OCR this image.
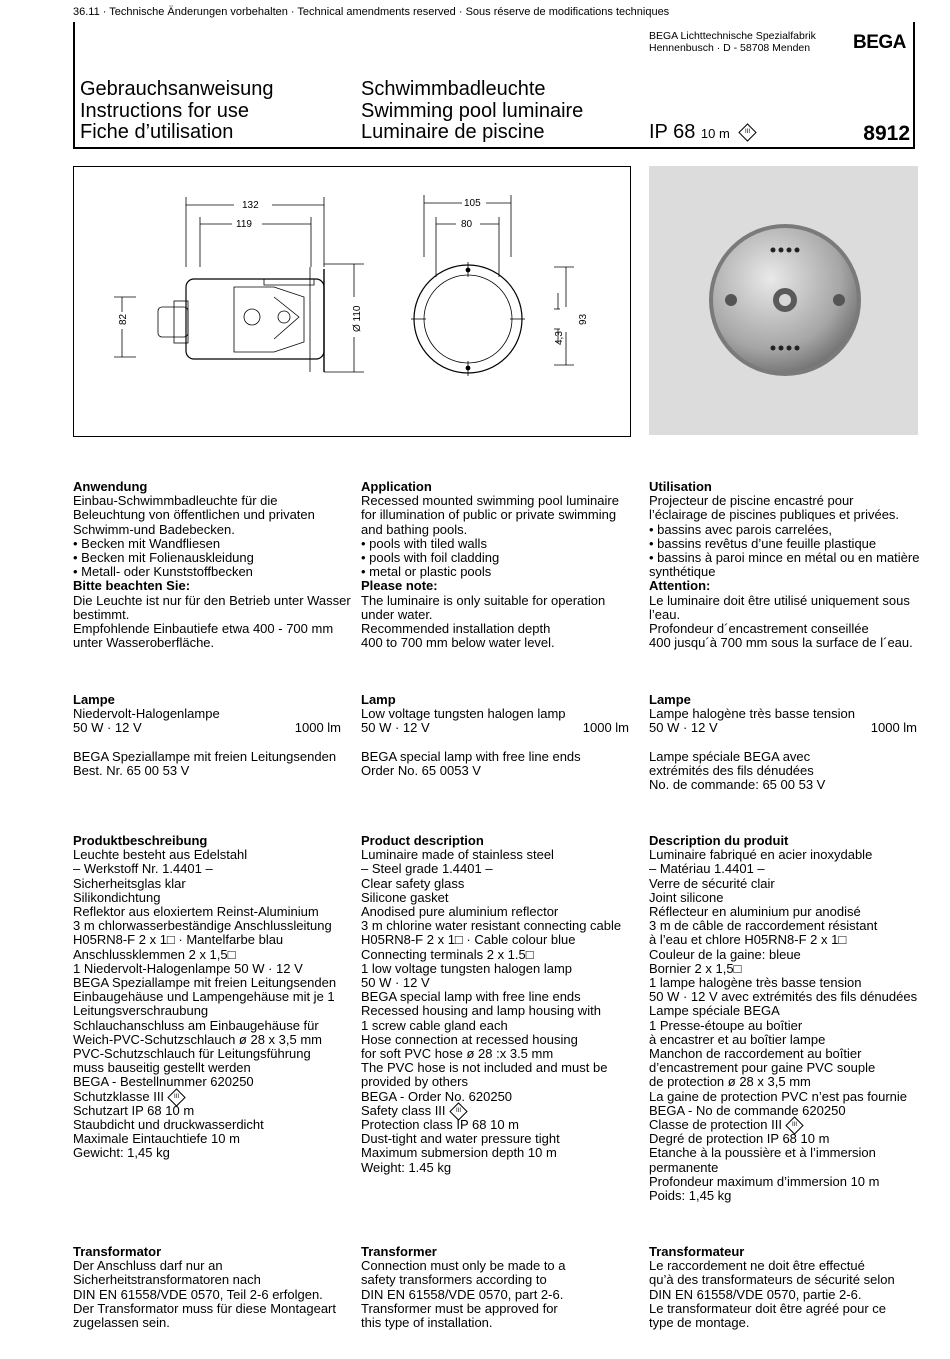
36.11 · Technische Änderungen vorbehalten · Technical amendments reserved · Sous réserve de modifications techniques
BEGA Lichttechnische Spezialfabrik
Hennenbusch · D - 58708 Menden	BEGA
Gebrauchsanweisung
Instructions for use
Fiche d’utilisation
Schwimmbadleuchte
Swimming pool luminaire
Luminaire de piscine	IP 68 10 m	III	8912
132
119
105
80
82	Ø 110
4,3
93
Anwendung
Einbau-Schwimmbadleuchte für die
Beleuchtung von öffentlichen und privaten
Schwimm-und Badebecken.
• Becken mit Wandfliesen
• Becken mit Folienauskleidung
• Metall- oder Kunststoffbecken
Bitte beachten Sie:
Die Leuchte ist nur für den Betrieb unter Wasser
bestimmt.
Empfohlende Einbautiefe etwa 400 - 700 mm
unter Wasseroberfläche.
Application
Recessed mounted swimming pool luminaire
for illumination of public or private swimming
and bathing pools.
• pools with tiled walls
• pools with foil cladding
• metal or plastic pools
Please note:
The luminaire is only suitable for operation
under water.
Recommended installation depth
400 to 700 mm below water level.
Utilisation
Projecteur de piscine encastré pour
l’éclairage de piscines publiques et privées.
• bassins avec parois carrelées,
• bassins revêtus d’une feuille plastique
• bassins à paroi mince en métal ou en matière
synthétique
Attention:
Le luminaire doit être utilisé uniquement sous
l’eau.
Profondeur d´encastrement conseillée
400 jusqu´à 700 mm sous la surface de l´eau.
Lampe
Niedervolt-Halogenlampe
50 W · 12 V	1000 lm

BEGA Speziallampe mit freien Leitungsenden
Best. Nr. 65 00 53 V
Lamp
Low voltage tungsten halogen lamp
50 W · 12 V	1000 lm

BEGA special lamp with free line ends
Order No. 65 0053 V
Lampe
Lampe halogène très basse tension
50 W · 12 V	1000 lm

Lampe spéciale BEGA avec
extrémités des fils dénudées
No. de commande: 65 00 53 V
Produktbeschreibung
Leuchte besteht aus Edelstahl
– Werkstoff Nr. 1.4401 –
Sicherheitsglas klar
Silikondichtung
Reflektor aus eloxiertem Reinst-Aluminium
3 m chlorwasserbeständige Anschlussleitung
H05RN8-F 2 x 1□ · Mantelfarbe blau
Anschlussklemmen 2 x 1,5□
1 Niedervolt-Halogenlampe 50 W · 12 V
BEGA Speziallampe mit freien Leitungsenden
Einbaugehäuse und Lampengehäuse mit je 1
Leitungsverschraubung
Schlauchanschluss am Einbaugehäuse für
Weich-PVC-Schutzschlauch ø 28 x 3,5 mm
PVC-Schutzschlauch für Leitungsführung
muss bauseitig gestellt werden
BEGA - Bestellnummer 620250
Schutzklasse III III
Schutzart IP 68 10 m
Staubdicht und druckwasserdicht
Maximale Eintauchtiefe 10 m
Gewicht: 1,45 kg
Product description
Luminaire made of stainless steel
– Steel grade 1.4401 –
Clear safety glass
Silicone gasket
Anodised pure aluminium reflector
3 m chlorine water resistant connecting cable
H05RN8-F 2 x 1□ · Cable colour blue
Connecting terminals 2 x 1.5□
1 low voltage tungsten halogen lamp
50 W · 12 V
BEGA special lamp with free line ends
Recessed housing and lamp housing with
1 screw cable gland each
Hose connection at recessed housing
for soft PVC hose ø 28 :x 3.5 mm
The PVC hose is not included and must be
provided by others
BEGA - Order No. 620250
Safety class III III
Protection class IP 68 10 m
Dust-tight and water pressure tight
Maximum submersion depth 10 m
Weight: 1.45 kg
Description du produit
Luminaire fabriqué en acier inoxydable
– Matériau 1.4401 –
Verre de sécurité clair
Joint silicone
Réflecteur en aluminium pur anodisé
3 m de câble de raccordement résistant
à l’eau et chlore H05RN8-F 2 x 1□
Couleur de la gaine: bleue
Bornier 2 x 1,5□
1 lampe halogène très basse tension
50 W · 12 V avec extrémités des fils dénudées
Lampe spéciale BEGA
1 Presse-étoupe au boîtier
à encastrer et au boîtier lampe
Manchon de raccordement au boîtier
d’encastrement pour gaine PVC souple
de protection ø 28 x 3,5 mm
La gaine de protection PVC n’est pas fournie
BEGA - No de commande 620250
Classe de protection III III
Degré de protection IP 68 10 m
Etanche à la poussière et à l’immersion
permanente
Profondeur maximum d’immersion 10 m
Poids: 1,45 kg
Transformator
Der Anschluss darf nur an
Sicherheitstransformatoren nach
DIN EN 61558/VDE 0570, Teil 2-6 erfolgen.
Der Transformator muss für diese Montageart
zugelassen sein.
Transformer
Connection must only be made to a
safety transformers according to
DIN EN 61558/VDE 0570, part 2-6.
Transformer must be approved for
this type of installation.
Transformateur
Le raccordement ne doit être effectué
qu’à des transformateurs de sécurité selon
DIN EN 61558/VDE 0570, partie 2-6.
Le transformateur doit être agréé pour ce
type de montage.
